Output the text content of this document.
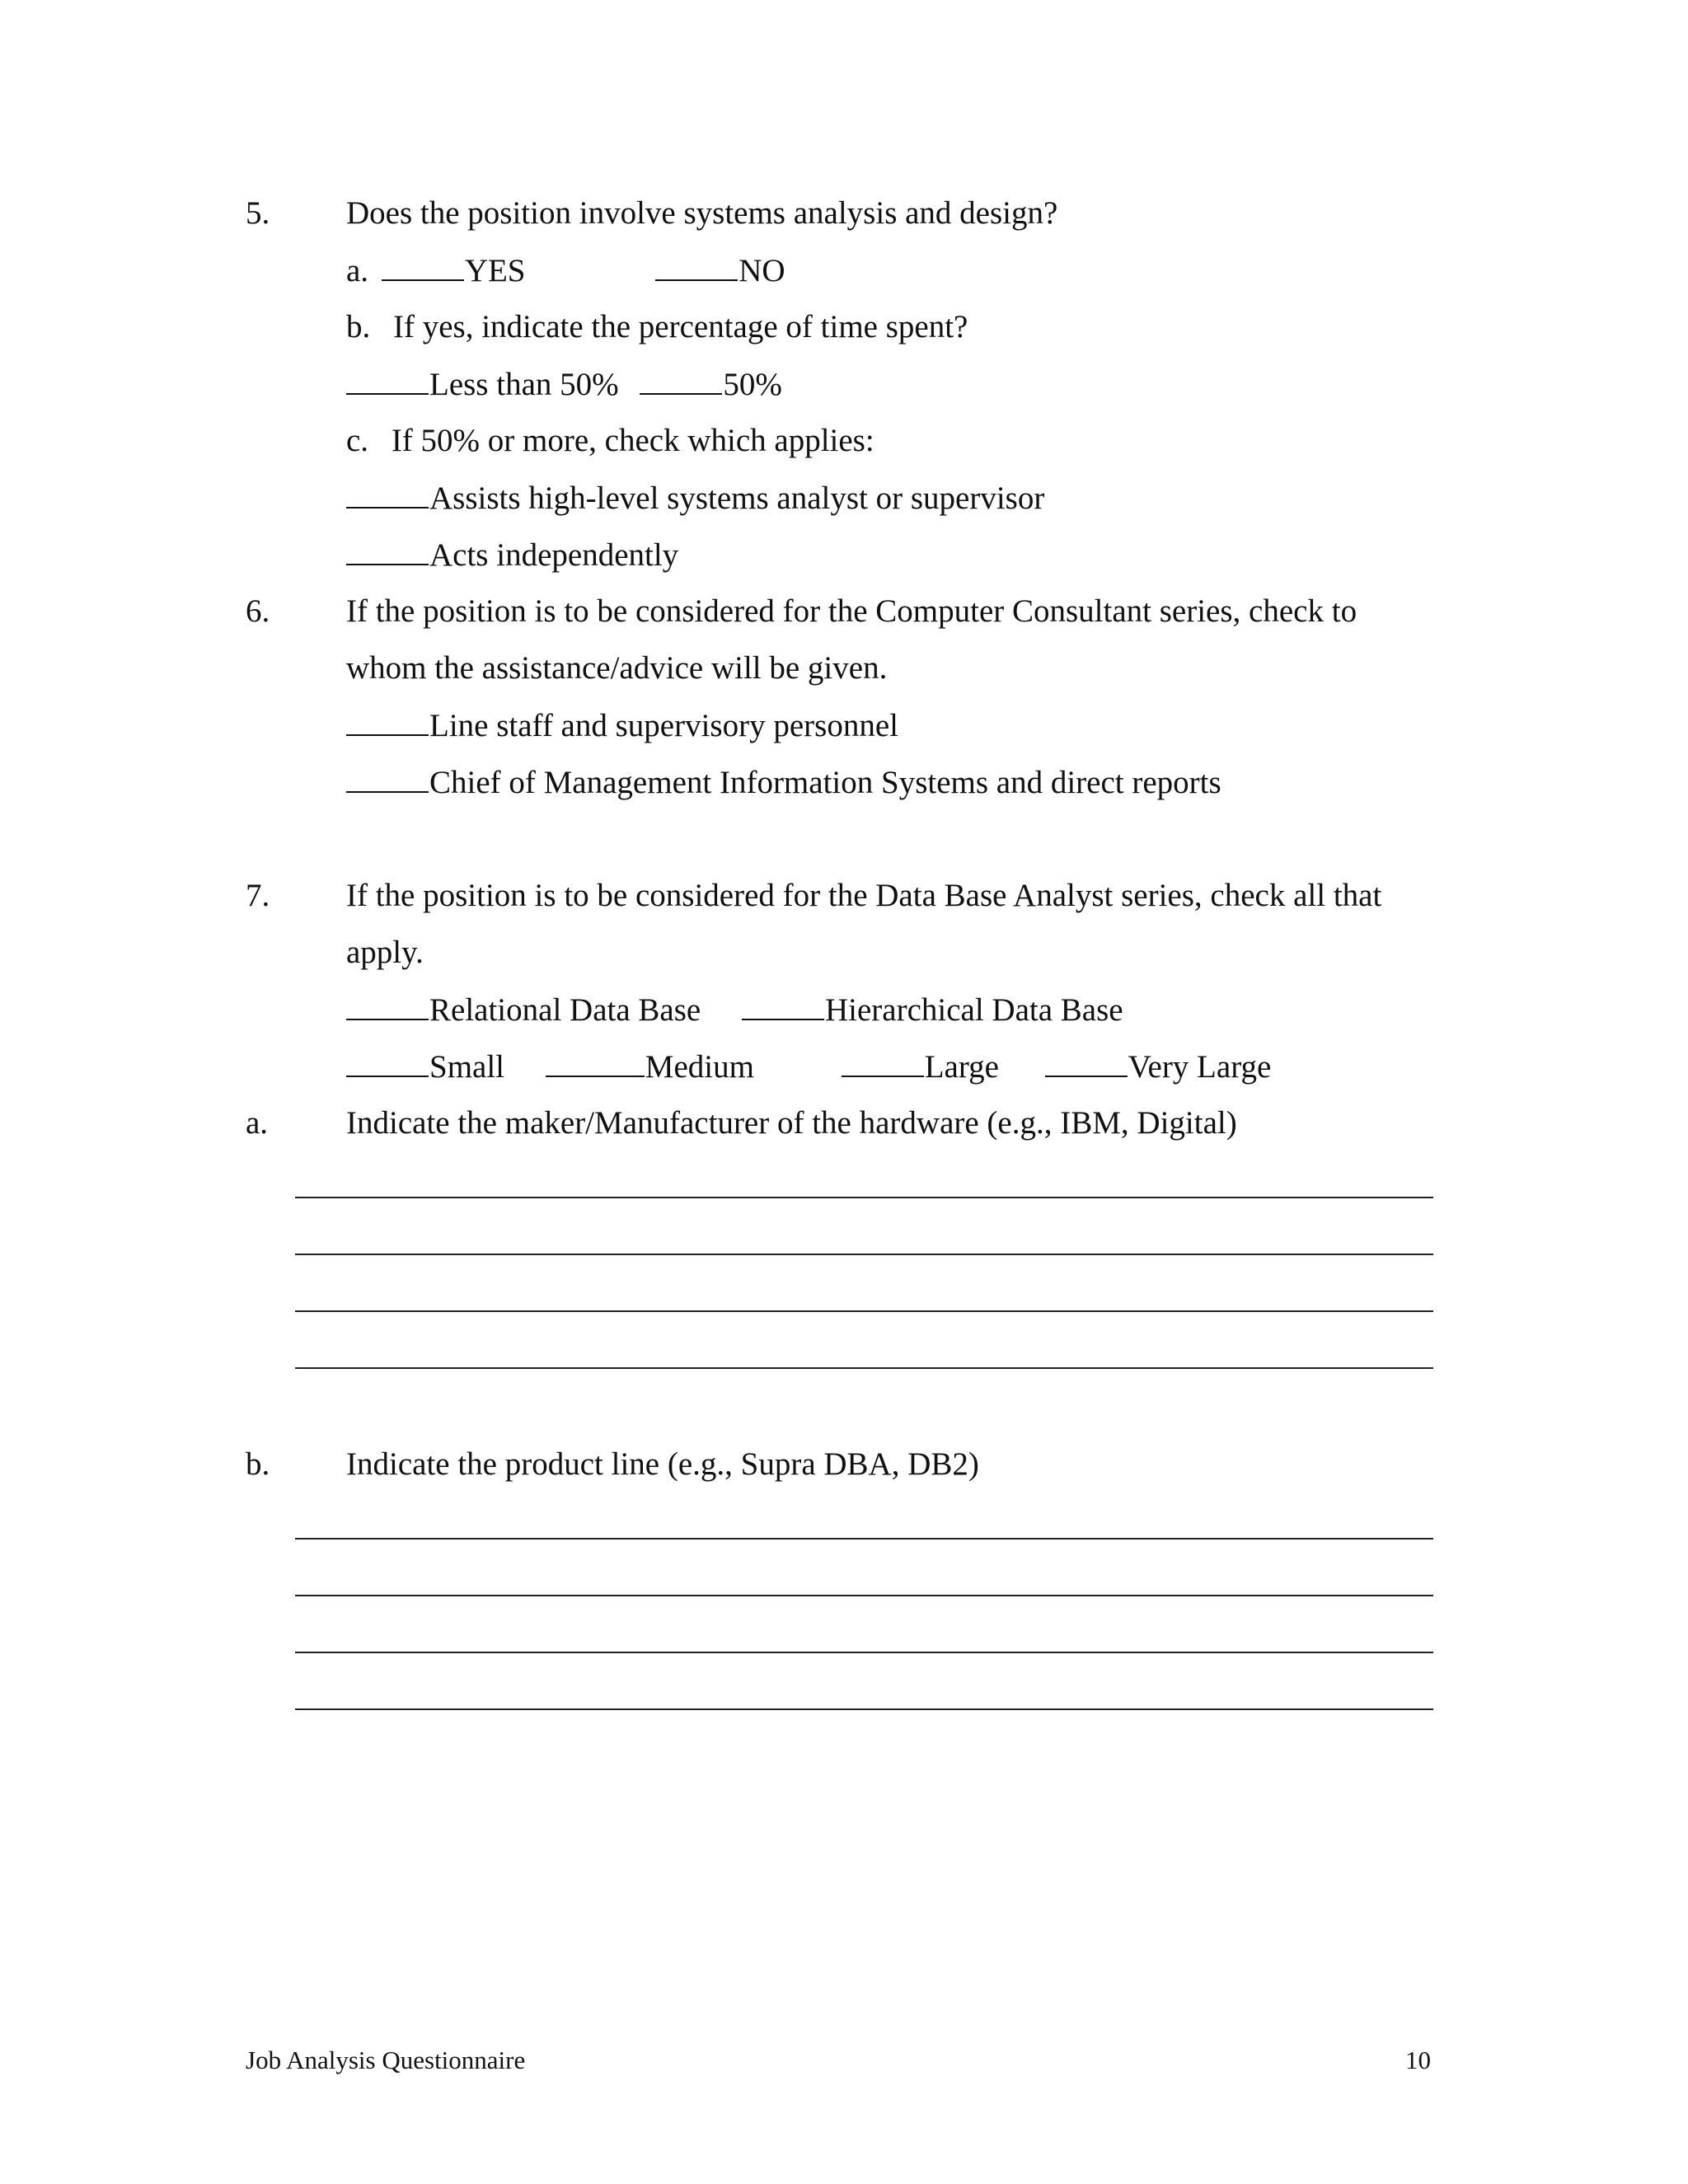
5. Does the position involve systems analysis and design?
a.	YES	NO
b. If yes, indicate the percentage of time spent?
Less than 50%	50%
c. If 50% or more, check which applies:
Assists high-level systems analyst or supervisor
Acts independently
6. If the position is to be considered for the Computer Consultant series, check to
whom the assistance/advice will be given.
Line staff and supervisory personnel
Chief of Management Information Systems and direct reports
7. If the position is to be considered for the Data Base Analyst series, check all that
apply.
Relational Data Base	Hierarchical Data Base
Small	Medium	Large	Very Large
a. Indicate the maker/Manufacturer of the hardware (e.g., IBM, Digital)
b. Indicate the product line (e.g., Supra DBA, DB2)
Job Analysis Questionnaire	10
